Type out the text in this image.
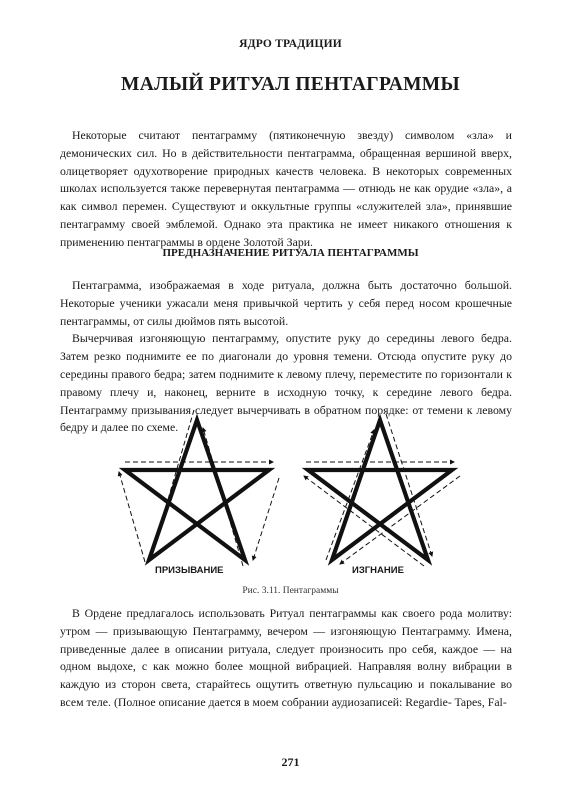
ЯДРО ТРАДИЦИИ
МАЛЫЙ РИТУАЛ ПЕНТАГРАММЫ

Некоторые считают пентаграмму (пятиконечную звезду) символом «зла» и демонических сил. Но в действительности пентаграмма, обращенная вершиной вверх, олицетворяет одухотворение природных качеств человека. В некоторых современных школах используется также перевернутая пентаграмма — отнюдь не как орудие «зла», а как символ перемен. Существуют и оккультные группы «служителей зла», принявшие пентаграмму своей эмблемой. Однако эта практика не имеет никакого отношения к применению пентаграммы в ордене Золотой Зари.

ПРЕДНАЗНАЧЕНИЕ РИТУАЛА ПЕНТАГРАММЫ

Пентаграмма, изображаемая в ходе ритуала, должна быть достаточно большой. Некоторые ученики ужасали меня привычкой чертить у себя перед носом крошечные пентаграммы, от силы дюймов пять высотой.

Вычерчивая изгоняющую пентаграмму, опустите руку до середины левого бедра. Затем резко поднимите ее по диагонали до уровня темени. Отсюда опустите руку до середины правого бедра; затем поднимите к левому плечу, переместите по горизонтали к правому плечу и, наконец, верните в исходную точку, к середине левого бедра. Пентаграмму призывания следует вычерчивать в обратном порядке: от темени к левому бедру и далее по схеме.

ПРИЗЫВАНИЕ	ИЗГНАНИЕ
Рис. 3.11. Пентаграммы

В Ордене предлагалось использовать Ритуал пентаграммы как своего рода молитву: утром — призывающую Пентаграмму, вечером — изгоняющую Пентаграмму. Имена, приведенные далее в описании ритуала, следует произносить про себя, каждое — на одном выдохе, с как можно более мощной вибрацией. Направляя волну вибрации в каждую из сторон света, старайтесь ощутить ответную пульсацию и покалывание во всем теле. (Полное описание дается в моем собрании аудиозаписей: Regardie- Tapes, Fal-

271
